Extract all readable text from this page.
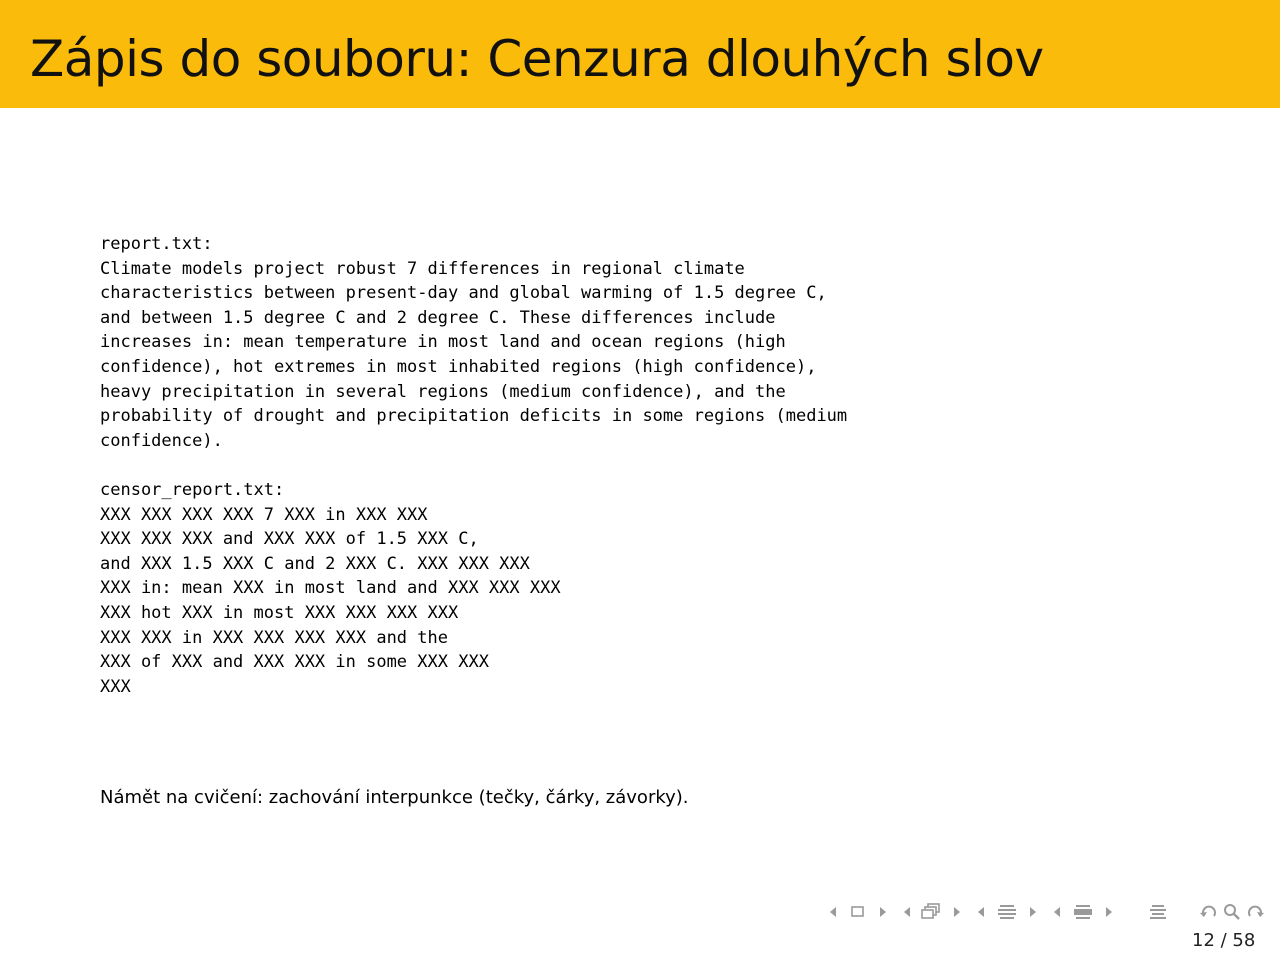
Zápis do souboru: Cenzura dlouhých slov
report.txt:
Climate models project robust 7 differences in regional climate
characteristics between present-day and global warming of 1.5 degree C,
and between 1.5 degree C and 2 degree C. These differences include
increases in: mean temperature in most land and ocean regions (high
confidence), hot extremes in most inhabited regions (high confidence),
heavy precipitation in several regions (medium confidence), and the
probability of drought and precipitation deficits in some regions (medium
confidence).
censor_report.txt:
XXX XXX XXX XXX 7 XXX in XXX XXX
XXX XXX XXX and XXX XXX of 1.5 XXX C,
and XXX 1.5 XXX C and 2 XXX C. XXX XXX XXX
XXX in: mean XXX in most land and XXX XXX XXX
XXX hot XXX in most XXX XXX XXX XXX
XXX XXX in XXX XXX XXX XXX and the
XXX of XXX and XXX XXX in some XXX XXX
XXX
Námět na cvičení: zachování interpunkce (tečky, čárky, závorky).
12 / 58
